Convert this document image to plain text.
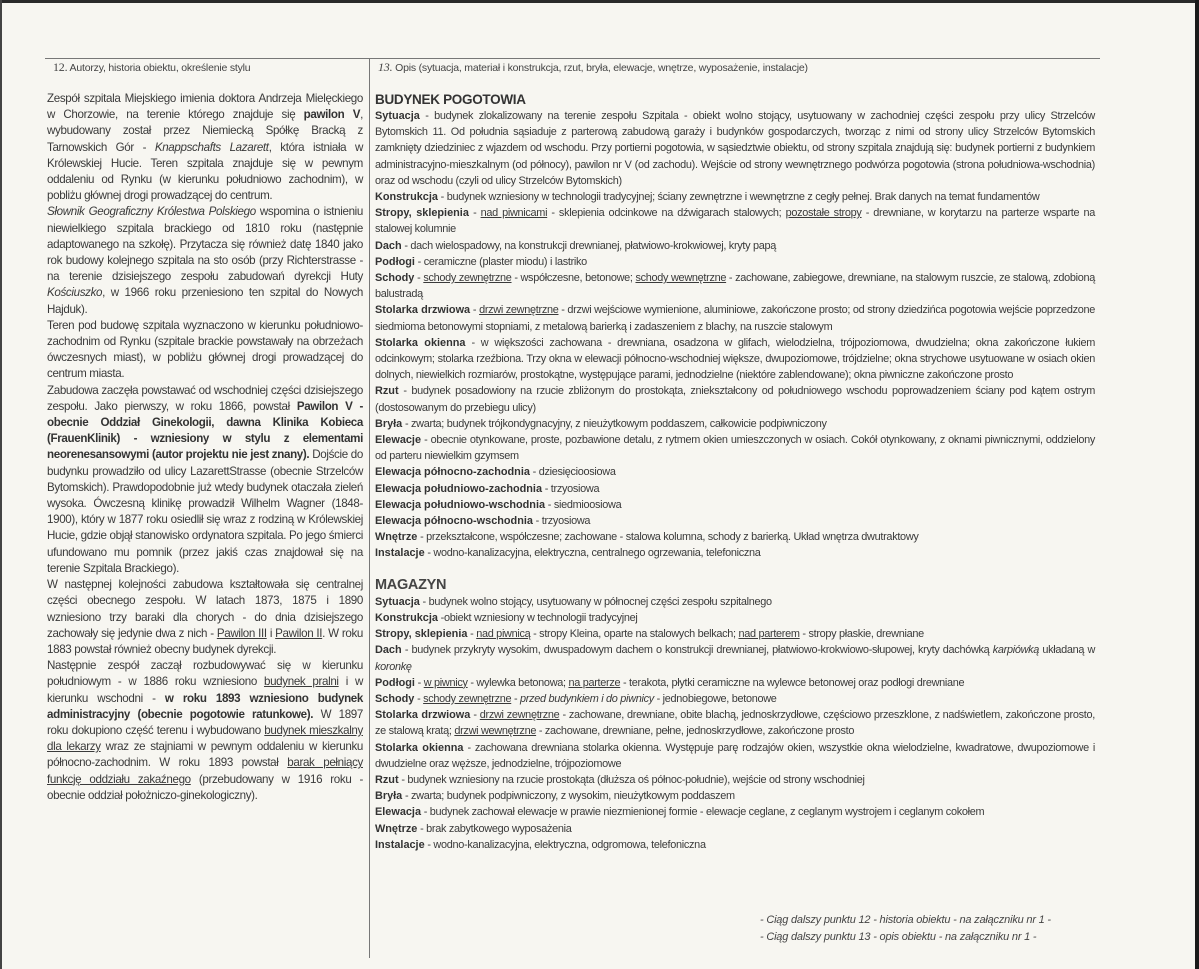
12. Autorzy, historia obiektu, określenie stylu

Zespół szpitala Miejskiego imienia doktora Andrzeja Mielęckiego w Chorzowie, na terenie którego znajduje się pawilon V, wybudowany został przez Niemiecką Spółkę Bracką z Tarnowskich Gór - Knappschafts Lazarett, która istniała w Królewskiej Hucie. Teren szpitala znajduje się w pewnym oddaleniu od Rynku (w kierunku południowo zachodnim), w pobliżu głównej drogi prowadzącej do centrum.

Słownik Geograficzny Królestwa Polskiego wspomina o istnieniu niewielkiego szpitala brackiego od 1810 roku (następnie adaptowanego na szkołę). Przytacza się również datę 1840 jako rok budowy kolejnego szpitala na sto osób (przy Richterstrasse - na terenie dzisiejszego zespołu zabudowań dyrekcji Huty Kościuszko, w 1966 roku przeniesiono ten szpital do Nowych Hajduk).

Teren pod budowę szpitala wyznaczono w kierunku południowo-zachodnim od Rynku (szpitale brackie powstawały na obrzeżach ówczesnych miast), w pobliżu głównej drogi prowadzącej do centrum miasta.

Zabudowa zaczęła powstawać od wschodniej części dzisiejszego zespołu. Jako pierwszy, w roku 1866, powstał Pawilon V - obecnie Oddział Ginekologii, dawna Klinika Kobieca (FrauenKlinik) - wzniesiony w stylu z elementami neorenesansowymi (autor projektu nie jest znany). Dojście do budynku prowadziło od ulicy LazarettStrasse (obecnie Strzelców Bytomskich). Prawdopodobnie już wtedy budynek otaczała zieleń wysoka. Ówczesną klinikę prowadził Wilhelm Wagner (1848-1900), który w 1877 roku osiedlił się wraz z rodziną w Królewskiej Hucie, gdzie objął stanowisko ordynatora szpitala. Po jego śmierci ufundowano mu pomnik (przez jakiś czas znajdował się na terenie Szpitala Brackiego).

W następnej kolejności zabudowa kształtowała się centralnej części obecnego zespołu. W latach 1873, 1875 i 1890 wzniesiono trzy baraki dla chorych - do dnia dzisiejszego zachowały się jedynie dwa z nich - Pawilon III i Pawilon II. W roku 1883 powstał również obecny budynek dyrekcji.

Następnie zespół zaczął rozbudowywać się w kierunku południowym - w 1886 roku wzniesiono budynek pralni i w kierunku wschodni - w roku 1893 wzniesiono budynek administracyjny (obecnie pogotowie ratunkowe). W 1897 roku dokupiono część terenu i wybudowano budynek mieszkalny dla lekarzy wraz ze stajniami w pewnym oddaleniu w kierunku północno-zachodnim. W roku 1893 powstał barak pełniący funkcję oddziału zakaźnego (przebudowany w 1916 roku - obecnie oddział położniczo-ginekologiczny).

13. Opis (sytuacja, materiał i konstrukcja, rzut, bryła, elewacje, wnętrze, wyposażenie, instalacje)
BUDYNEK POGOTOWIA

Sytuacja - budynek zlokalizowany na terenie zespołu Szpitala - obiekt wolno stojący, usytuowany w zachodniej części zespołu przy ulicy Strzelców Bytomskich 11. Od południa sąsiaduje z parterową zabudową garaży i budynków gospodarczych, tworząc z nimi od strony ulicy Strzelców Bytomskich zamknięty dziedziniec z wjazdem od wschodu. Przy portierni pogotowia, w sąsiedztwie obiektu, od strony szpitala znajdują się: budynek portierni z budynkiem administracyjno-mieszkalnym (od północy), pawilon nr V (od zachodu). Wejście od strony wewnętrznego podwórza pogotowia (strona południowa-wschodnia) oraz od wschodu (czyli od ulicy Strzelców Bytomskich)

Konstrukcja - budynek wzniesiony w technologii tradycyjnej; ściany zewnętrzne i wewnętrzne z cegły pełnej. Brak danych na temat fundamentów

Stropy, sklepienia - nad piwnicami - sklepienia odcinkowe na dźwigarach stalowych; pozostałe stropy - drewniane, w korytarzu na parterze wsparte na stalowej kolumnie

Dach - dach wielospadowy, na konstrukcji drewnianej, płatwiowo-krokwiowej, kryty papą

Podłogi - ceramiczne (plaster miodu) i lastriko

Schody - schody zewnętrzne - współczesne, betonowe; schody wewnętrzne - zachowane, zabiegowe, drewniane, na stalowym ruszcie, ze stalową, zdobioną balustradą

Stolarka drzwiowa - drzwi zewnętrzne - drzwi wejściowe wymienione, aluminiowe, zakończone prosto; od strony dziedzińca pogotowia wejście poprzedzone siedmioma betonowymi stopniami, z metalową barierką i zadaszeniem z blachy, na ruszcie stalowym

Stolarka okienna - w większości zachowana - drewniana, osadzona w glifach, wielodzielna, trójpoziomowa, dwudzielna; okna zakończone łukiem odcinkowym; stolarka rzeźbiona. Trzy okna w elewacji północno-wschodniej większe, dwupoziomowe, trójdzielne; okna strychowe usytuowane w osiach okien dolnych, niewielkich rozmiarów, prostokątne, występujące parami, jednodzielne (niektóre zablendowane); okna piwniczne zakończone prosto

Rzut - budynek posadowiony na rzucie zbliżonym do prostokąta, zniekształcony od południowego wschodu poprowadzeniem ściany pod kątem ostrym (dostosowanym do przebiegu ulicy)

Bryła - zwarta; budynek trójkondygnacyjny, z nieużytkowym poddaszem, całkowicie podpiwniczony

Elewacje - obecnie otynkowane, proste, pozbawione detalu, z rytmem okien umieszczonych w osiach. Cokół otynkowany, z oknami piwnicznymi, oddzielony od parteru niewielkim gzymsem

Elewacja północno-zachodnia - dziesięcioosiowa

Elewacja południowo-zachodnia - trzyosiowa

Elewacja południowo-wschodnia - siedmioosiowa

Elewacja północno-wschodnia - trzyosiowa

Wnętrze - przekształcone, współczesne; zachowane - stalowa kolumna, schody z barierką. Układ wnętrza dwutraktowy

Instalacje - wodno-kanalizacyjna, elektryczna, centralnego ogrzewania, telefoniczna

MAGAZYN

Sytuacja - budynek wolno stojący, usytuowany w północnej części zespołu szpitalnego

Konstrukcja -obiekt wzniesiony w technologii tradycyjnej

Stropy, sklepienia - nad piwnicą - stropy Kleina, oparte na stalowych belkach; nad parterem - stropy płaskie, drewniane

Dach - budynek przykryty wysokim, dwuspadowym dachem o konstrukcji drewnianej, płatwiowo-krokwiowo-słupowej, kryty dachówką karpiówką układaną w koronkę

Podłogi - w piwnicy - wylewka betonowa; na parterze - terakota, płytki ceramiczne na wylewce betonowej oraz podłogi drewniane

Schody - schody zewnętrzne - przed budynkiem i do piwnicy - jednobiegowe, betonowe

Stolarka drzwiowa - drzwi zewnętrzne - zachowane, drewniane, obite blachą, jednoskrzydłowe, częściowo przeszklone, z nadświetlem, zakończone prosto, ze stalową kratą; drzwi wewnętrzne - zachowane, drewniane, pełne, jednoskrzydłowe, zakończone prosto

Stolarka okienna - zachowana drewniana stolarka okienna. Występuje parę rodzajów okien, wszystkie okna wielodzielne, kwadratowe, dwupoziomowe i dwudzielne oraz węższe, jednodzielne, trójpoziomowe

Rzut - budynek wzniesiony na rzucie prostokąta (dłuższa oś północ-południe), wejście od strony wschodniej

Bryła - zwarta; budynek podpiwniczony, z wysokim, nieużytkowym poddaszem

Elewacja - budynek zachował elewacje w prawie niezmienionej formie - elewacje ceglane, z ceglanym wystrojem i ceglanym cokołem

Wnętrze - brak zabytkowego wyposażenia

Instalacje - wodno-kanalizacyjna, elektryczna, odgromowa, telefoniczna

- Ciąg dalszy punktu 12 - historia obiektu - na załączniku nr 1 -
- Ciąg dalszy punktu 13 - opis obiektu - na załączniku nr 1 -
